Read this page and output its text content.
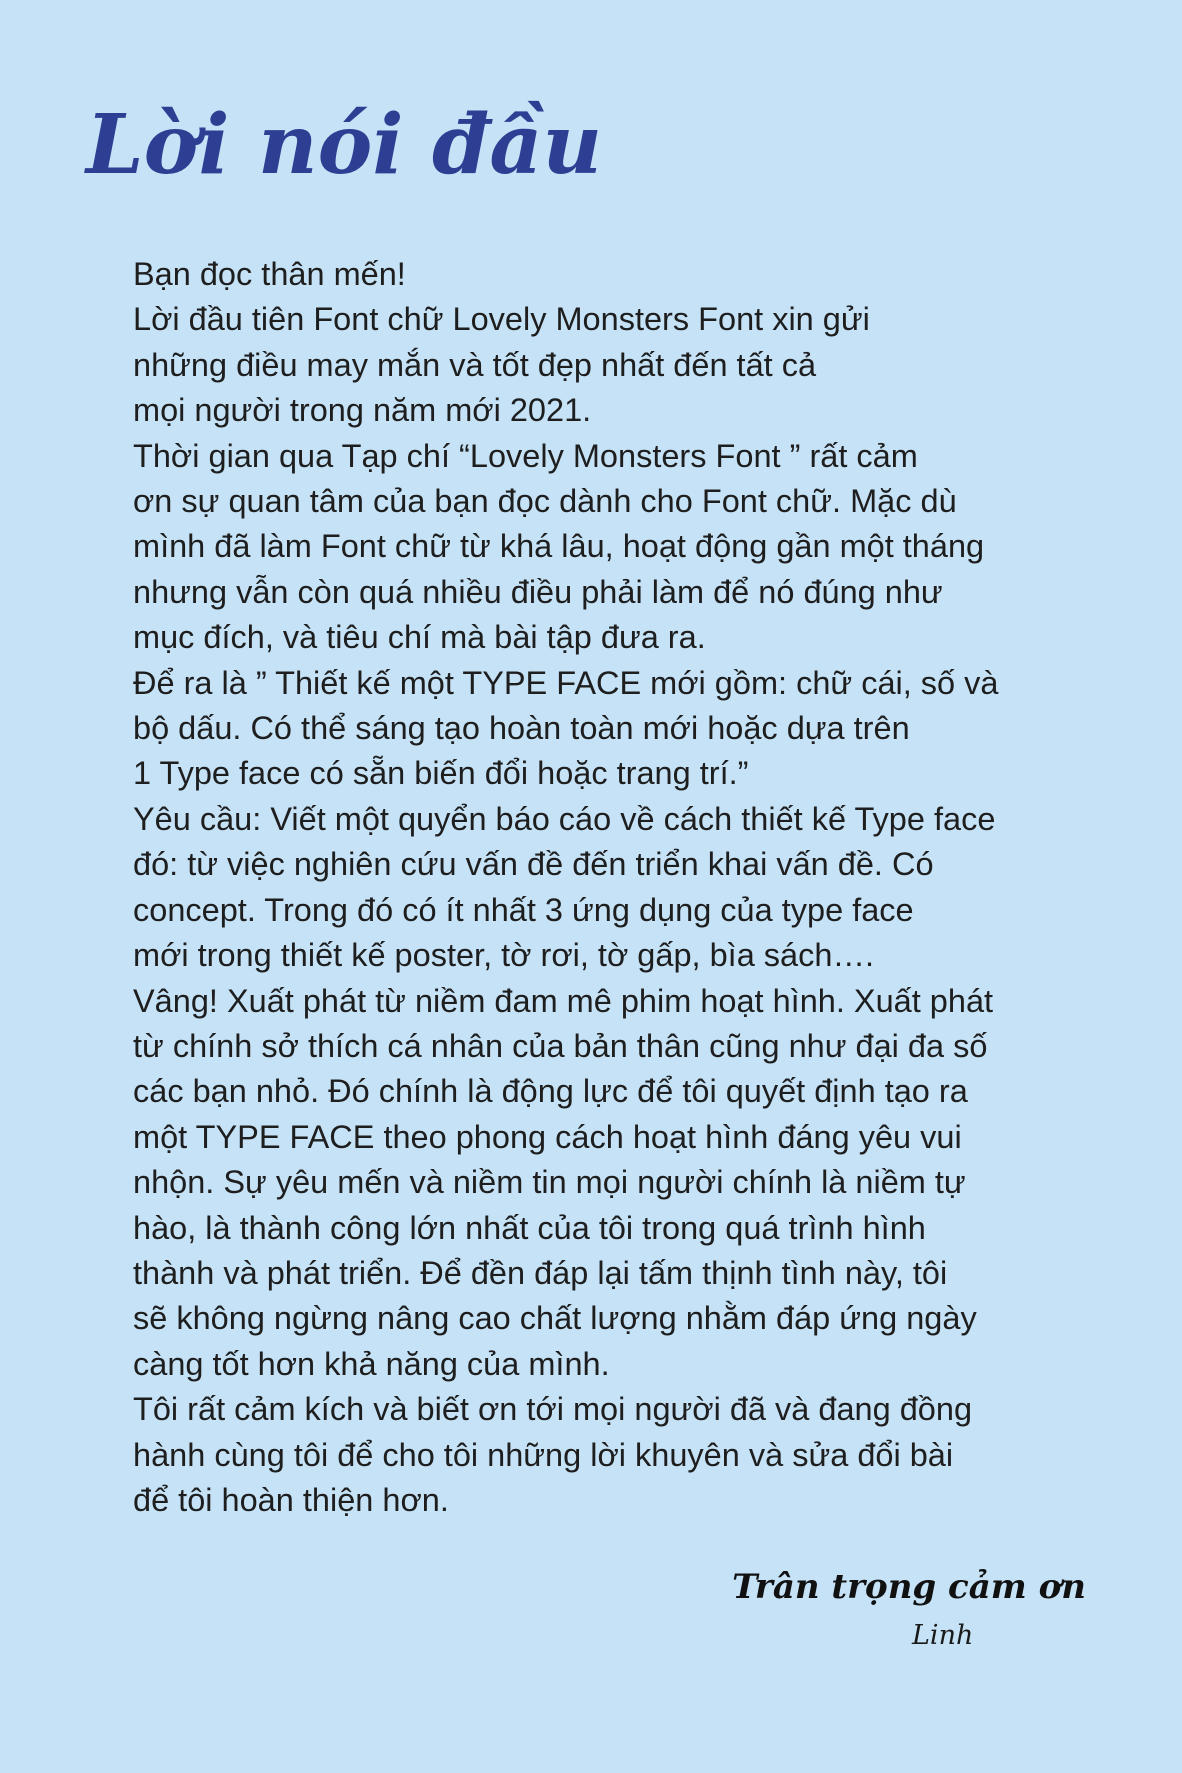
Lời nói đầu
Bạn đọc thân mến!
Lời đầu tiên Font chữ Lovely Monsters Font xin gửi
những điều may mắn và tốt đẹp nhất đến tất cả
mọi người trong năm mới 2021.
Thời gian qua Tạp chí “Lovely Monsters Font ” rất cảm
ơn sự quan tâm của bạn đọc dành cho Font chữ. Mặc dù
mình đã làm Font chữ từ khá lâu, hoạt động gần một tháng
nhưng vẫn còn quá nhiều điều phải làm để nó đúng như
mục đích, và tiêu chí mà bài tập đưa ra.
Để ra là ” Thiết kế một TYPE FACE mới gồm: chữ cái, số và
bộ dấu. Có thể sáng tạo hoàn toàn mới hoặc dựa trên
1 Type face có sẵn biến đổi hoặc trang trí.”
Yêu cầu: Viết một quyển báo cáo về cách thiết kế Type face
đó: từ việc nghiên cứu vấn đề đến triển khai vấn đề. Có
concept. Trong đó có ít nhất 3 ứng dụng của type face
mới trong thiết kế poster, tờ rơi, tờ gấp, bìa sách….
Vâng! Xuất phát từ niềm đam mê phim hoạt hình. Xuất phát
từ chính sở thích cá nhân của bản thân cũng như đại đa số
các bạn nhỏ. Đó chính là động lực để tôi quyết định tạo ra
một TYPE FACE theo phong cách hoạt hình đáng yêu vui
nhộn. Sự yêu mến và niềm tin mọi người chính là niềm tự
hào, là thành công lớn nhất của tôi trong quá trình hình
thành và phát triển. Để đền đáp lại tấm thịnh tình này, tôi
sẽ không ngừng nâng cao chất lượng nhằm đáp ứng ngày
càng tốt hơn khả năng của mình.
Tôi rất cảm kích và biết ơn tới mọi người đã và đang đồng
hành cùng tôi để cho tôi những lời khuyên và sửa đổi bài
để tôi hoàn thiện hơn.
Trân trọng cảm ơn
Linh
